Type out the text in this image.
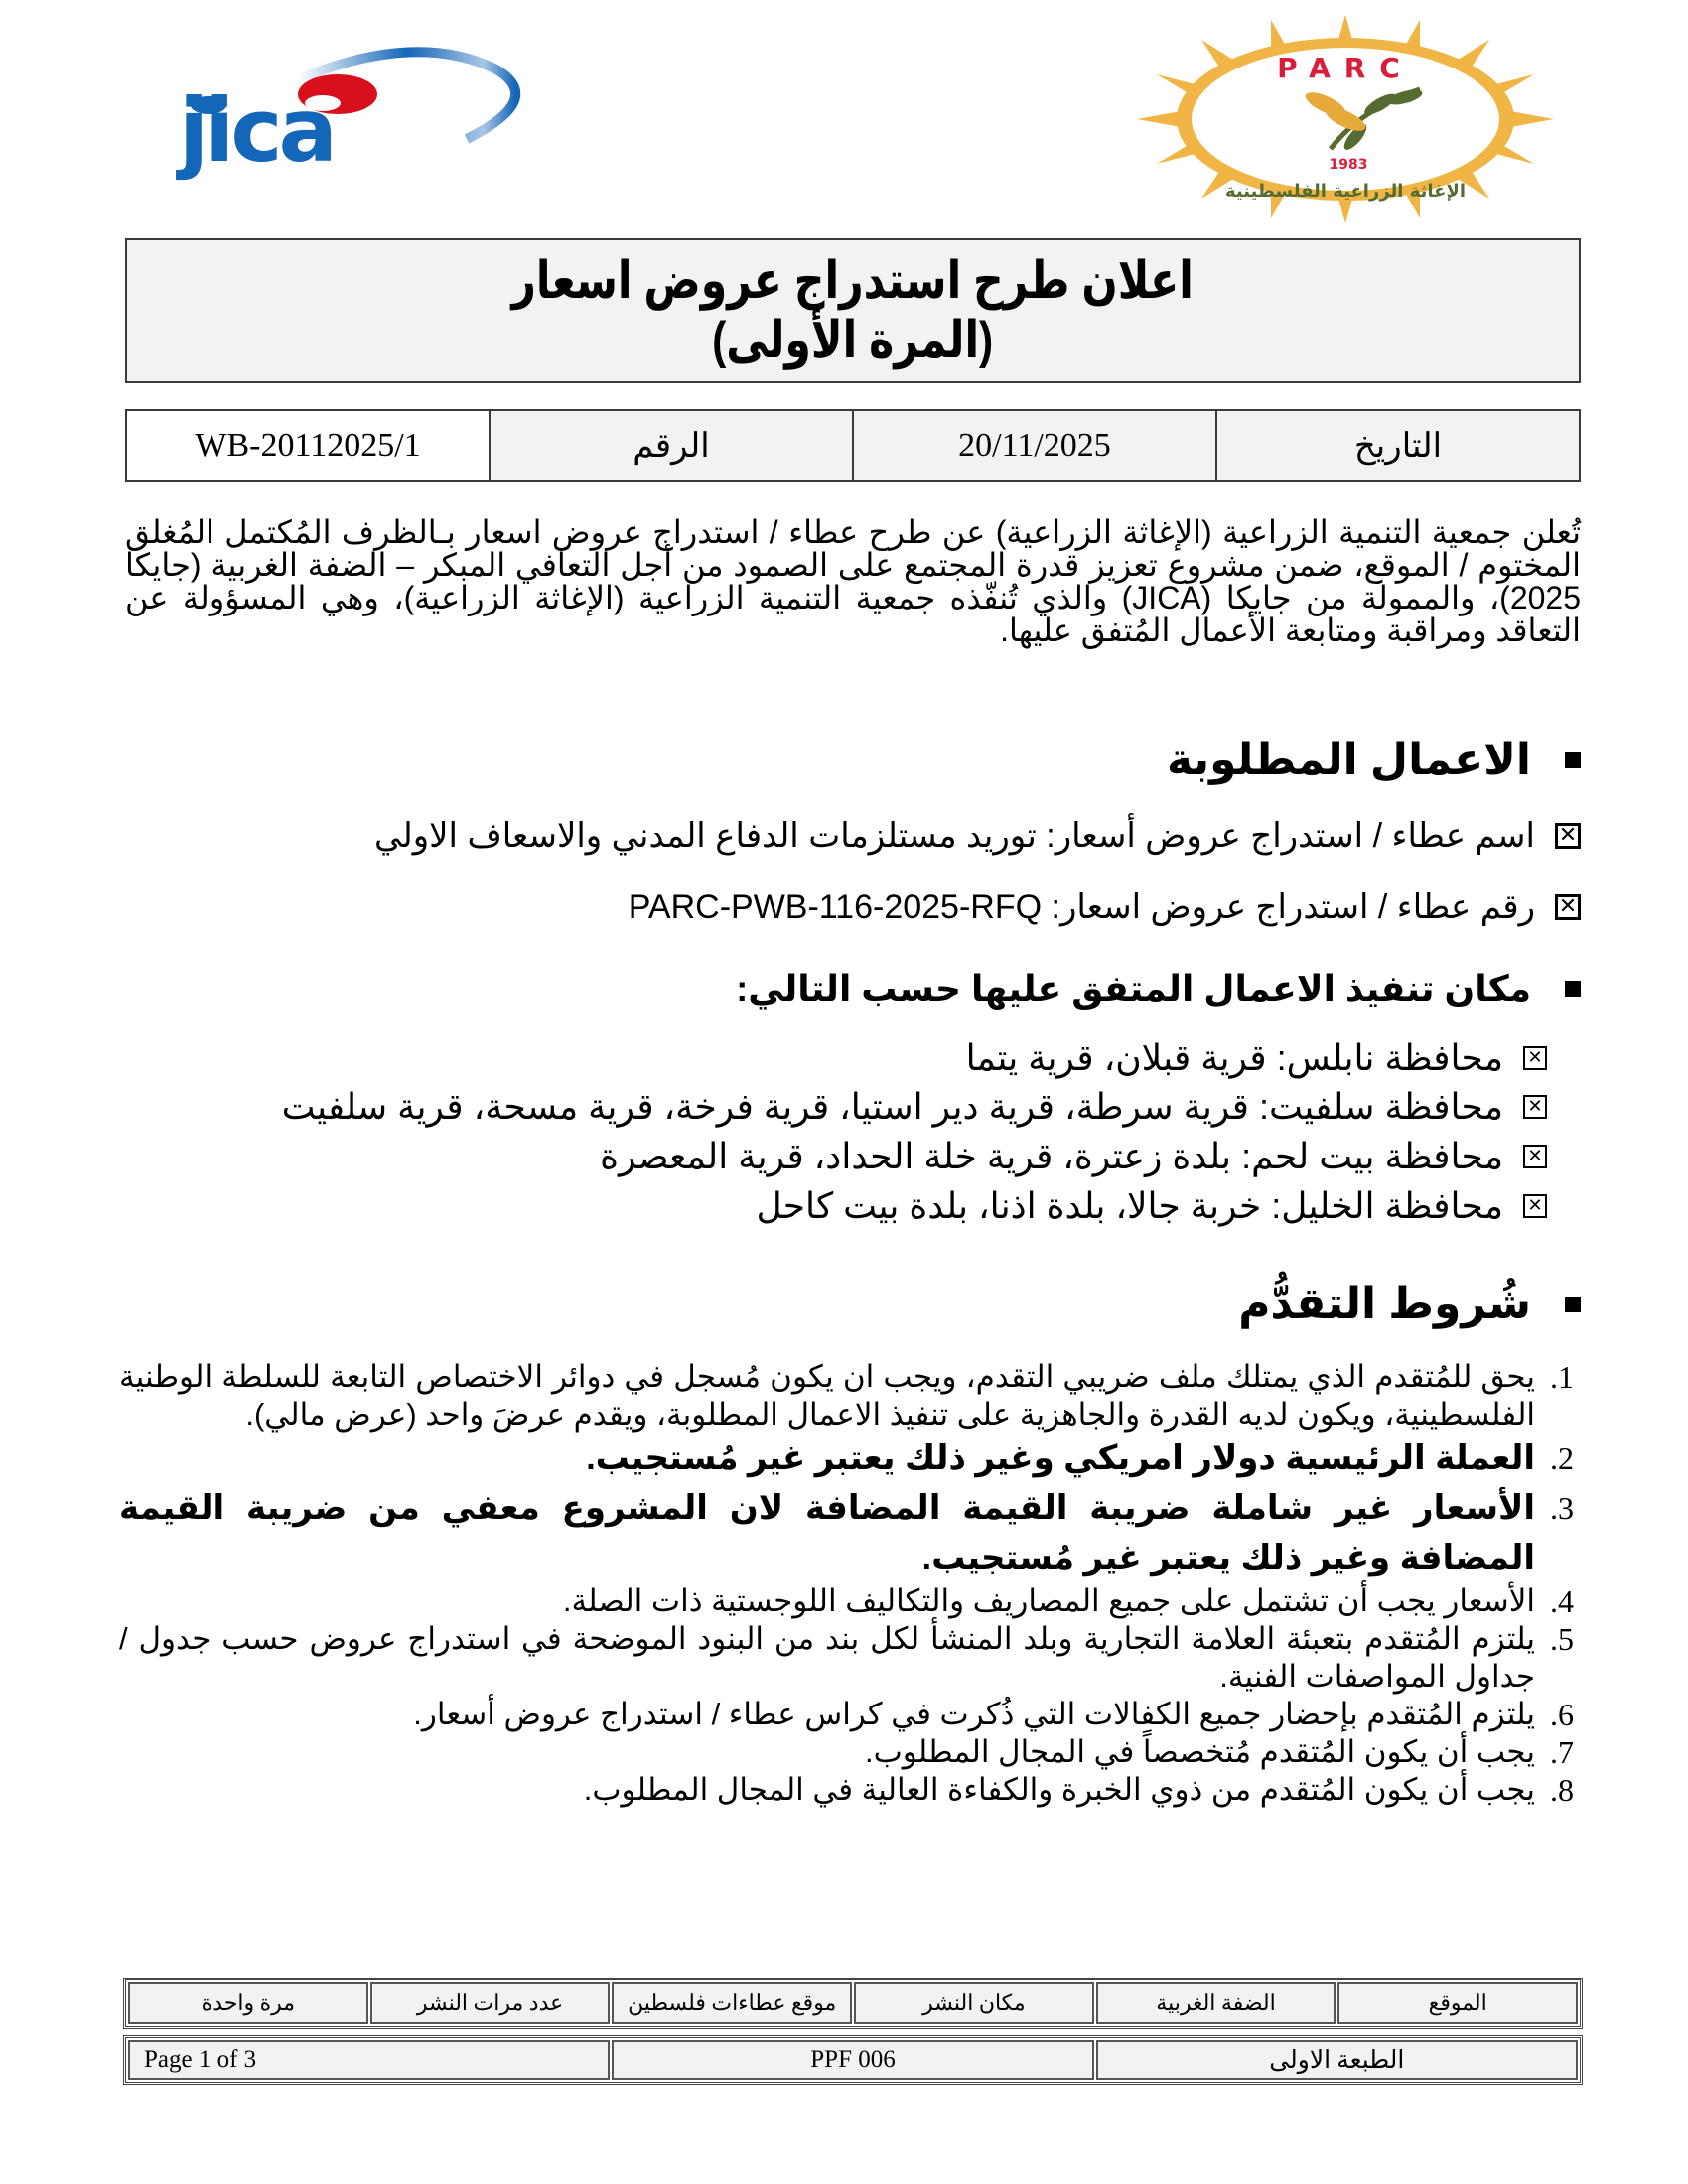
jica
PARC
1983
الإغاثة الزراعية الفلسطينية
اعلان طرح استدراج عروض اسعار
(المرة الأولى)
التاريخ	20/11/2025	الرقم	WB-20112025/1
تُعلن جمعية التنمية الزراعية (الإغاثة الزراعية) عن طرح عطاء / استدراج عروض اسعار بـالظرف المُكتمل المُغلق المختوم / الموقع، ضمن مشروع تعزيز قدرة المجتمع على الصمود من أجل التعافي المبكر – الضفة الغربية (جايكا 2025)، والممولة من جايكا (JICA) والذي تُنفّذه جمعية التنمية الزراعية (الإغاثة الزراعية)، وهي المسؤولة عن التعاقد ومراقبة ومتابعة الأعمال المُتفق عليها.
الاعمال المطلوبة
✕
اسم عطاء / استدراج عروض أسعار: توريد مستلزمات الدفاع المدني والاسعاف الاولي
✕
رقم عطاء / استدراج عروض اسعار: PARC-PWB-116-2025-RFQ
مكان تنفيذ الاعمال المتفق عليها حسب التالي:
✕
محافظة نابلس: قرية قبلان، قرية يتما
✕
محافظة سلفيت: قرية سرطة، قرية دير استيا، قرية فرخة، قرية مسحة، قرية سلفيت
✕
محافظة بيت لحم: بلدة زعترة، قرية خلة الحداد، قرية المعصرة
✕
محافظة الخليل: خربة جالا، بلدة اذنا، بلدة بيت كاحل
شُروط التقدُّم
1.
يحق للمُتقدم الذي يمتلك ملف ضريبي التقدم، ويجب ان يكون مُسجل في دوائر الاختصاص التابعة للسلطة الوطنية الفلسطينية، ويكون لديه القدرة والجاهزية على تنفيذ الاعمال المطلوبة، ويقدم عرضَ واحد (عرض مالي).
2.
العملة الرئيسية دولار امريكي وغير ذلك يعتبر غير مُستجيب.
3.
الأسعار غير شاملة ضريبة القيمة المضافة لان المشروع معفي من ضريبة القيمة المضافة وغير ذلك يعتبر غير مُستجيب.
4.
الأسعار يجب أن تشتمل على جميع المصاريف والتكاليف اللوجستية ذات الصلة.
5.
يلتزم المُتقدم بتعبئة العلامة التجارية وبلد المنشأ لكل بند من البنود الموضحة في استدراج عروض حسب جدول / جداول المواصفات الفنية.
6.
يلتزم المُتقدم بإحضار جميع الكفالات التي ذُكرت في كراس عطاء / استدراج عروض أسعار.
7.
يجب أن يكون المُتقدم مُتخصصاً في المجال المطلوب.
8.
يجب أن يكون المُتقدم من ذوي الخبرة والكفاءة العالية في المجال المطلوب.
الموقع	الضفة الغربية	مكان النشر	موقع عطاءات فلسطين	عدد مرات النشر	مرة واحدة
الطبعة الاولى	PPF 006	Page 1 of 3
